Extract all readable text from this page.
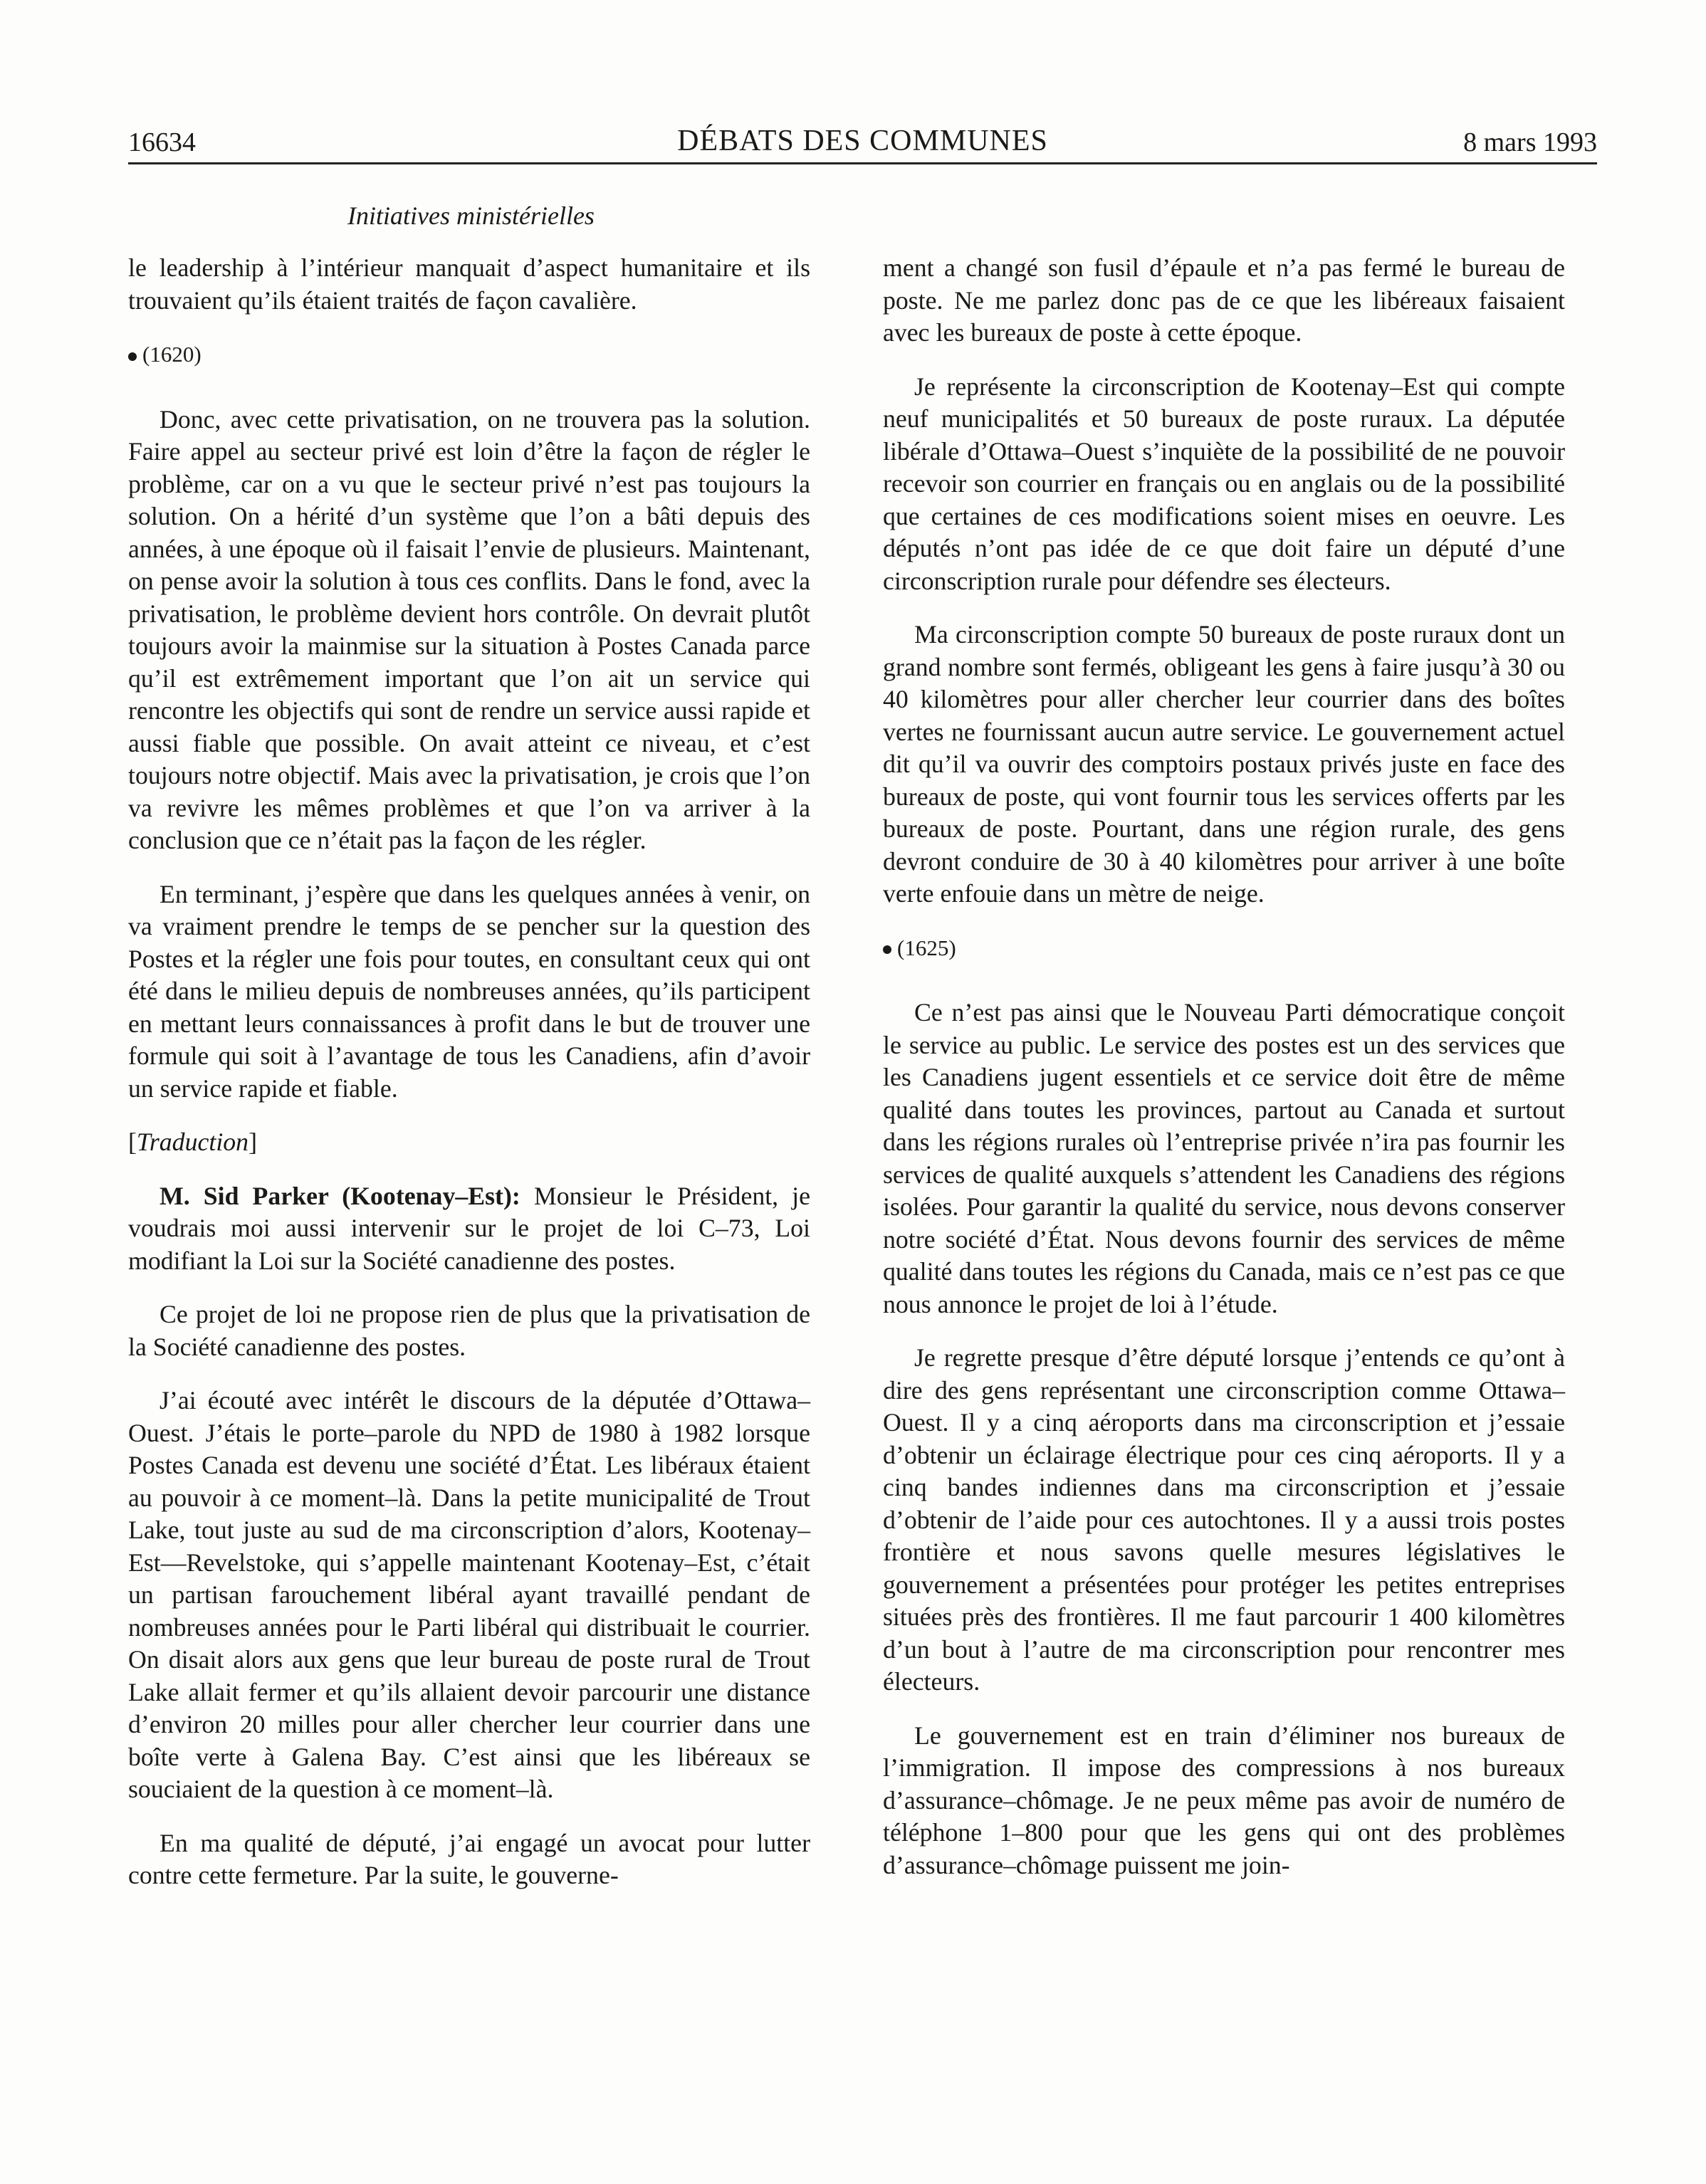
16634	DÉBATS DES COMMUNES	8 mars 1993
Initiatives ministérielles

le leadership à l’intérieur manquait d’aspect humanitaire et ils trouvaient qu’ils étaient traités de façon cavalière.

(1620)

Donc, avec cette privatisation, on ne trouvera pas la solution. Faire appel au secteur privé est loin d’être la façon de régler le problème, car on a vu que le secteur privé n’est pas toujours la solution. On a hérité d’un système que l’on a bâti depuis des années, à une époque où il faisait l’envie de plusieurs. Maintenant, on pense avoir la solution à tous ces conflits. Dans le fond, avec la privatisation, le problème devient hors contrôle. On devrait plutôt toujours avoir la mainmise sur la situation à Postes Canada parce qu’il est extrêmement important que l’on ait un service qui rencontre les objectifs qui sont de rendre un service aussi rapide et aussi fiable que possible. On avait atteint ce niveau, et c’est toujours notre objectif. Mais avec la privatisation, je crois que l’on va revivre les mêmes problèmes et que l’on va arriver à la conclusion que ce n’était pas la façon de les régler.

En terminant, j’espère que dans les quelques années à venir, on va vraiment prendre le temps de se pencher sur la question des Postes et la régler une fois pour toutes, en consultant ceux qui ont été dans le milieu depuis de nombreuses années, qu’ils participent en mettant leurs connaissances à profit dans le but de trouver une formule qui soit à l’avantage de tous les Canadiens, afin d’avoir un service rapide et fiable.

[Traduction]

M. Sid Parker (Kootenay–Est): Monsieur le Président, je voudrais moi aussi intervenir sur le projet de loi C–73, Loi modifiant la Loi sur la Société canadienne des postes.

Ce projet de loi ne propose rien de plus que la privatisation de la Société canadienne des postes.

J’ai écouté avec intérêt le discours de la députée d’Ottawa–Ouest. J’étais le porte–parole du NPD de 1980 à 1982 lorsque Postes Canada est devenu une société d’État. Les libéraux étaient au pouvoir à ce moment–là. Dans la petite municipalité de Trout Lake, tout juste au sud de ma circonscription d’alors, Kootenay–Est—Revelstoke, qui s’appelle maintenant Kootenay–Est, c’était un partisan farouchement libéral ayant travaillé pendant de nombreuses années pour le Parti libéral qui distribuait le courrier. On disait alors aux gens que leur bureau de poste rural de Trout Lake allait fermer et qu’ils allaient devoir parcourir une distance d’environ 20 milles pour aller chercher leur courrier dans une boîte verte à Galena Bay. C’est ainsi que les libéreaux se souciaient de la question à ce moment–là.

En ma qualité de député, j’ai engagé un avocat pour lutter contre cette fermeture. Par la suite, le gouverne-

ment a changé son fusil d’épaule et n’a pas fermé le bureau de poste. Ne me parlez donc pas de ce que les libéreaux faisaient avec les bureaux de poste à cette époque.

Je représente la circonscription de Kootenay–Est qui compte neuf municipalités et 50 bureaux de poste ruraux. La députée libérale d’Ottawa–Ouest s’inquiète de la possibilité de ne pouvoir recevoir son courrier en français ou en anglais ou de la possibilité que certaines de ces modifications soient mises en oeuvre. Les députés n’ont pas idée de ce que doit faire un député d’une circonscription rurale pour défendre ses électeurs.

Ma circonscription compte 50 bureaux de poste ruraux dont un grand nombre sont fermés, obligeant les gens à faire jusqu’à 30 ou 40 kilomètres pour aller chercher leur courrier dans des boîtes vertes ne fournissant aucun autre service. Le gouvernement actuel dit qu’il va ouvrir des comptoirs postaux privés juste en face des bureaux de poste, qui vont fournir tous les services offerts par les bureaux de poste. Pourtant, dans une région rurale, des gens devront conduire de 30 à 40 kilomètres pour arriver à une boîte verte enfouie dans un mètre de neige.

(1625)

Ce n’est pas ainsi que le Nouveau Parti démocratique conçoit le service au public. Le service des postes est un des services que les Canadiens jugent essentiels et ce service doit être de même qualité dans toutes les provinces, partout au Canada et surtout dans les régions rurales où l’entreprise privée n’ira pas fournir les services de qualité auxquels s’attendent les Canadiens des régions isolées. Pour garantir la qualité du service, nous devons conserver notre société d’État. Nous devons fournir des services de même qualité dans toutes les régions du Canada, mais ce n’est pas ce que nous annonce le projet de loi à l’étude.

Je regrette presque d’être député lorsque j’entends ce qu’ont à dire des gens représentant une circonscription comme Ottawa–Ouest. Il y a cinq aéroports dans ma circonscription et j’essaie d’obtenir un éclairage électrique pour ces cinq aéroports. Il y a cinq bandes indiennes dans ma circonscription et j’essaie d’obtenir de l’aide pour ces autochtones. Il y a aussi trois postes frontière et nous savons quelle mesures législatives le gouvernement a présentées pour protéger les petites entreprises situées près des frontières. Il me faut parcourir 1 400 kilomètres d’un bout à l’autre de ma circonscription pour rencontrer mes électeurs.

Le gouvernement est en train d’éliminer nos bureaux de l’immigration. Il impose des compressions à nos bureaux d’assurance–chômage. Je ne peux même pas avoir de numéro de téléphone 1–800 pour que les gens qui ont des problèmes d’assurance–chômage puissent me join-
